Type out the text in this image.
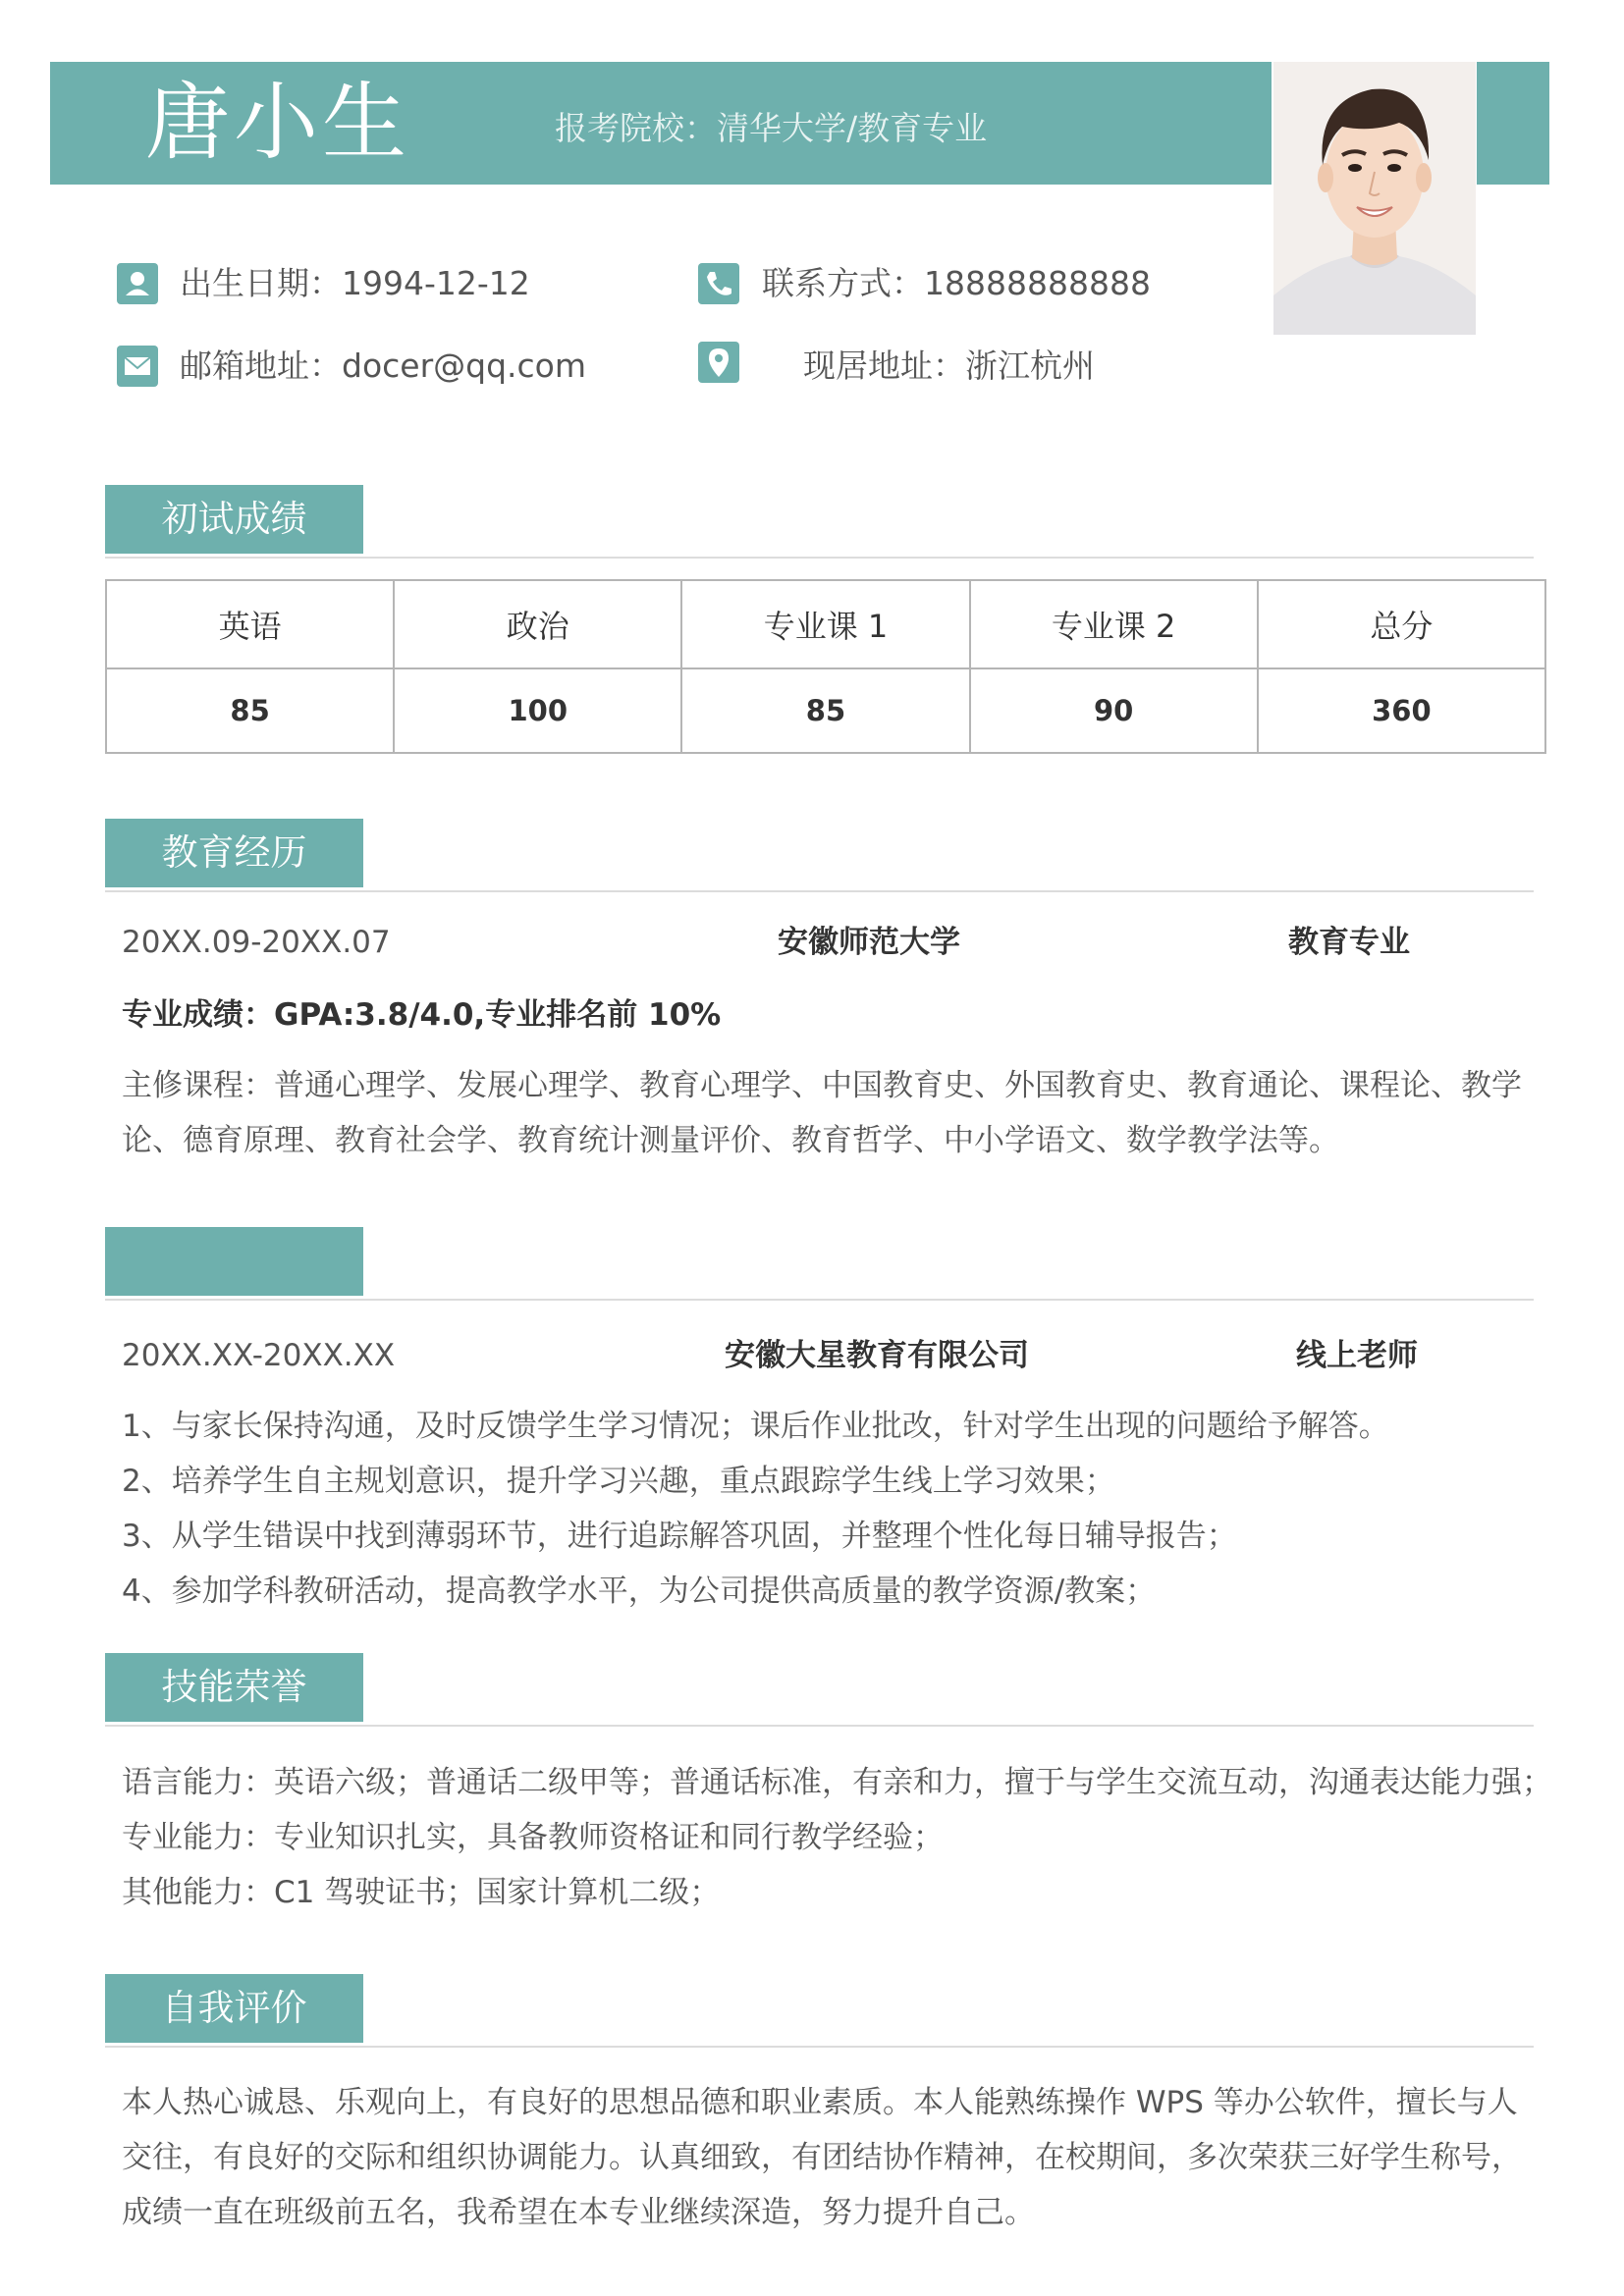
唐小生	报考院校：清华大学/教育专业
出生日期：1994-12-12	联系方式：18888888888
邮箱地址：docer@qq.com	现居地址：浙江杭州
初试成绩
英语	政治	专业课 1	专业课 2	总分
85	100	85	90	360
教育经历
20XX.09-20XX.07	安徽师范大学	教育专业
专业成绩：GPA:3.8/4.0,专业排名前 10%
主修课程：普通心理学、发展心理学、教育心理学、中国教育史、外国教育史、教育通论、课程论、教学论、德育原理、教育社会学、教育统计测量评价、教育哲学、中小学语文、数学教学法等。
20XX.XX-20XX.XX	安徽大星教育有限公司	线上老师
1、与家长保持沟通，及时反馈学生学习情况；课后作业批改，针对学生出现的问题给予解答。
2、培养学生自主规划意识，提升学习兴趣，重点跟踪学生线上学习效果；
3、从学生错误中找到薄弱环节，进行追踪解答巩固，并整理个性化每日辅导报告；
4、参加学科教研活动，提高教学水平，为公司提供高质量的教学资源/教案；
技能荣誉
语言能力：英语六级；普通话二级甲等；普通话标准，有亲和力，擅于与学生交流互动，沟通表达能力强；
专业能力：专业知识扎实，具备教师资格证和同行教学经验；
其他能力：C1 驾驶证书；国家计算机二级；
自我评价
本人热心诚恳、乐观向上，有良好的思想品德和职业素质。本人能熟练操作 WPS 等办公软件，擅长与人交往，有良好的交际和组织协调能力。认真细致，有团结协作精神，在校期间，多次荣获三好学生称号，成绩一直在班级前五名，我希望在本专业继续深造，努力提升自己。
